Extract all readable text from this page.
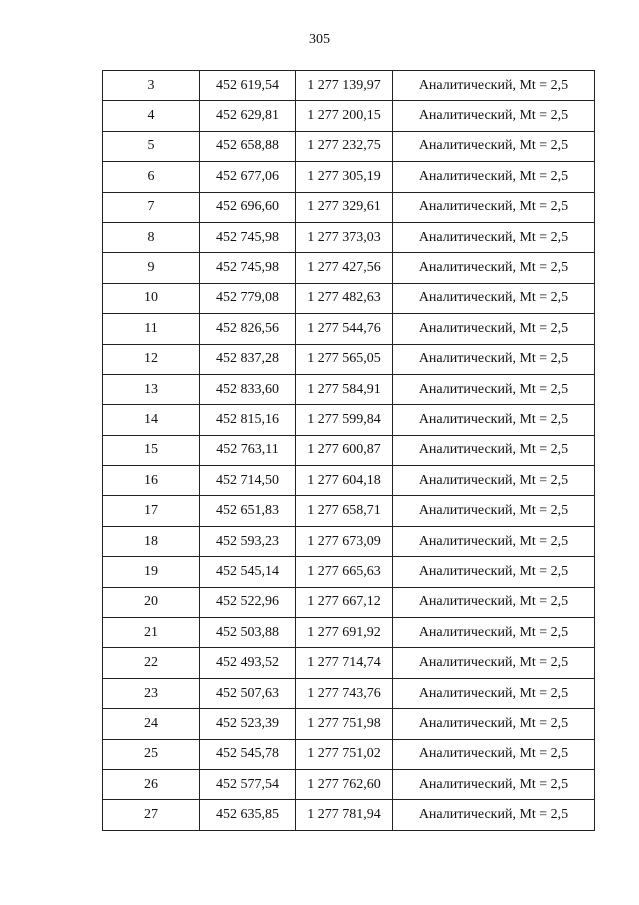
305
3	452 619,54	1 277 139,97	Аналитический, Mt = 2,5
4	452 629,81	1 277 200,15	Аналитический, Mt = 2,5
5	452 658,88	1 277 232,75	Аналитический, Mt = 2,5
6	452 677,06	1 277 305,19	Аналитический, Mt = 2,5
7	452 696,60	1 277 329,61	Аналитический, Mt = 2,5
8	452 745,98	1 277 373,03	Аналитический, Mt = 2,5
9	452 745,98	1 277 427,56	Аналитический, Mt = 2,5
10	452 779,08	1 277 482,63	Аналитический, Mt = 2,5
11	452 826,56	1 277 544,76	Аналитический, Mt = 2,5
12	452 837,28	1 277 565,05	Аналитический, Mt = 2,5
13	452 833,60	1 277 584,91	Аналитический, Mt = 2,5
14	452 815,16	1 277 599,84	Аналитический, Mt = 2,5
15	452 763,11	1 277 600,87	Аналитический, Mt = 2,5
16	452 714,50	1 277 604,18	Аналитический, Mt = 2,5
17	452 651,83	1 277 658,71	Аналитический, Mt = 2,5
18	452 593,23	1 277 673,09	Аналитический, Mt = 2,5
19	452 545,14	1 277 665,63	Аналитический, Mt = 2,5
20	452 522,96	1 277 667,12	Аналитический, Mt = 2,5
21	452 503,88	1 277 691,92	Аналитический, Mt = 2,5
22	452 493,52	1 277 714,74	Аналитический, Mt = 2,5
23	452 507,63	1 277 743,76	Аналитический, Mt = 2,5
24	452 523,39	1 277 751,98	Аналитический, Mt = 2,5
25	452 545,78	1 277 751,02	Аналитический, Mt = 2,5
26	452 577,54	1 277 762,60	Аналитический, Mt = 2,5
27	452 635,85	1 277 781,94	Аналитический, Mt = 2,5
